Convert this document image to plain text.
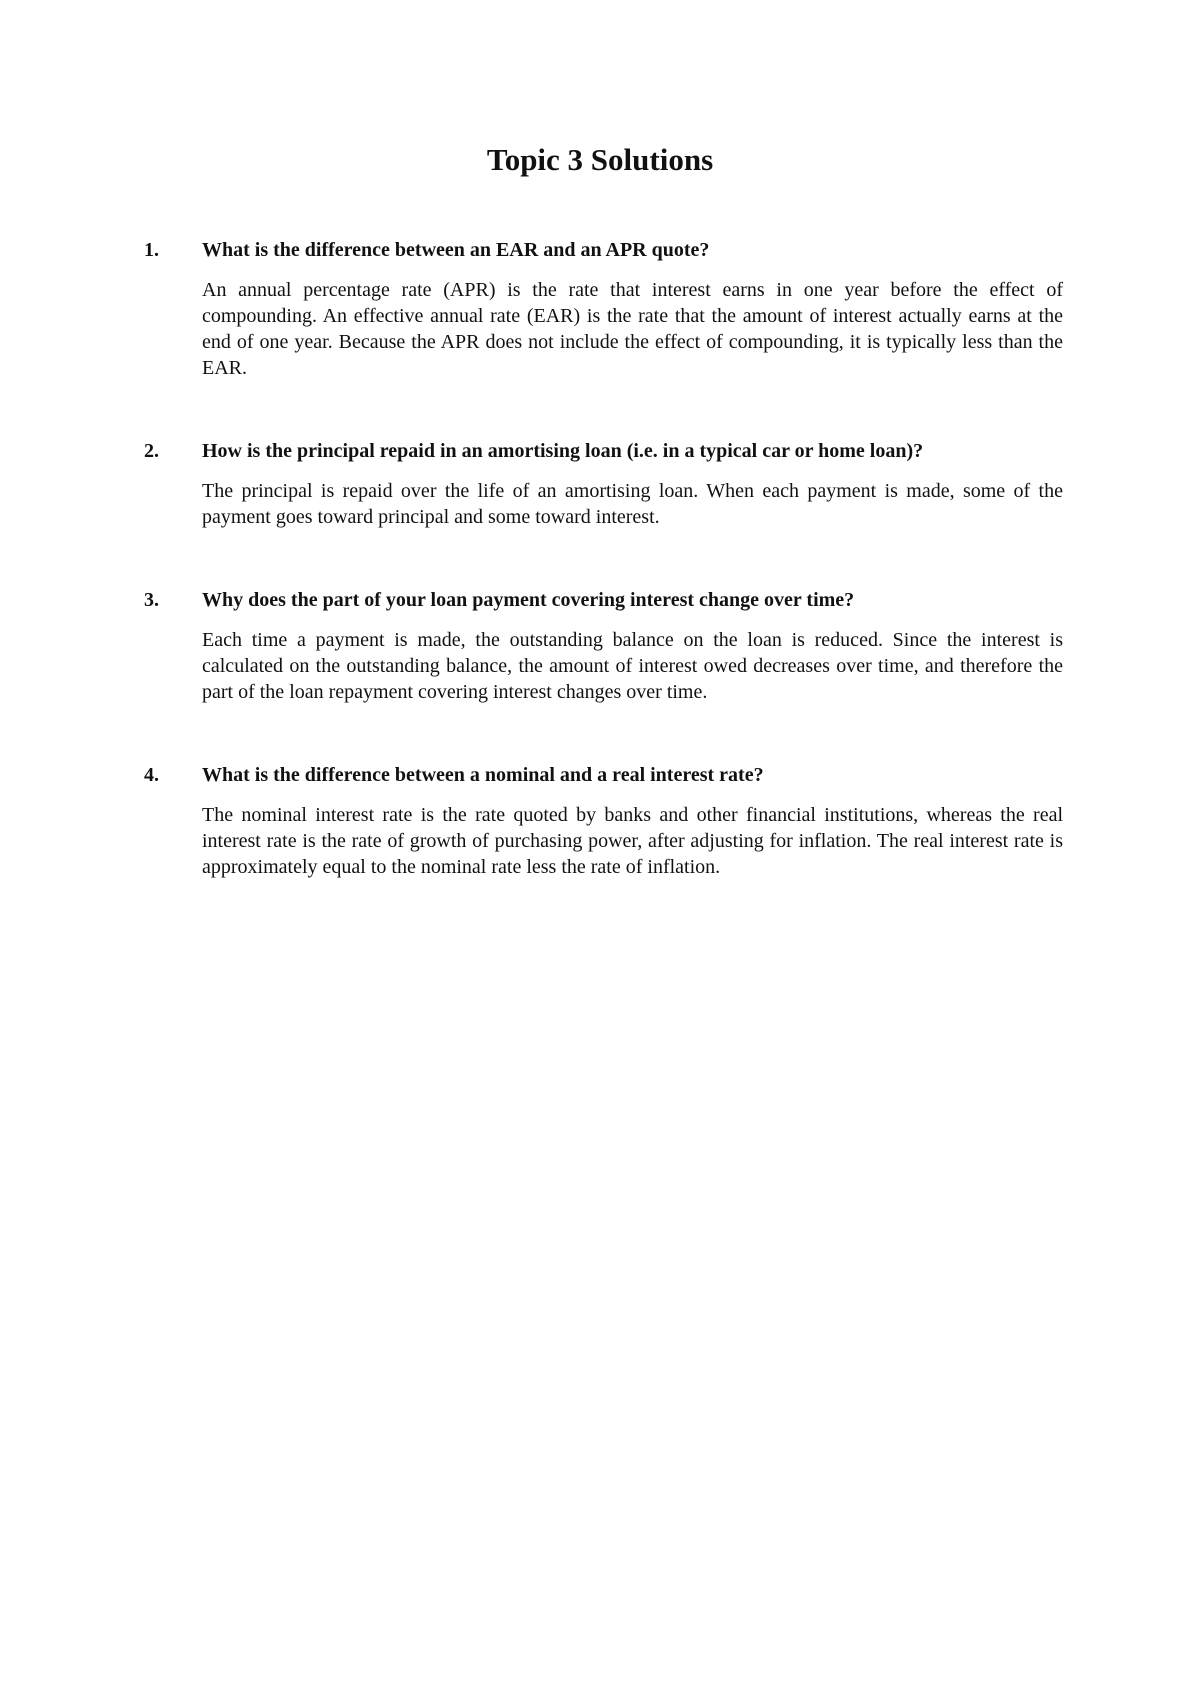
Topic 3 Solutions
1. What is the difference between an EAR and an APR quote?

An annual percentage rate (APR) is the rate that interest earns in one year before the effect of compounding. An effective annual rate (EAR) is the rate that the amount of interest actually earns at the end of one year. Because the APR does not include the effect of compounding, it is typically less than the EAR.

2. How is the principal repaid in an amortising loan (i.e. in a typical car or home loan)?

The principal is repaid over the life of an amortising loan. When each payment is made, some of the payment goes toward principal and some toward interest.

3. Why does the part of your loan payment covering interest change over time?

Each time a payment is made, the outstanding balance on the loan is reduced. Since the interest is calculated on the outstanding balance, the amount of interest owed decreases over time, and therefore the part of the loan repayment covering interest changes over time.

4. What is the difference between a nominal and a real interest rate?

The nominal interest rate is the rate quoted by banks and other financial institutions, whereas the real interest rate is the rate of growth of purchasing power, after adjusting for inflation. The real interest rate is approximately equal to the nominal rate less the rate of inflation.
